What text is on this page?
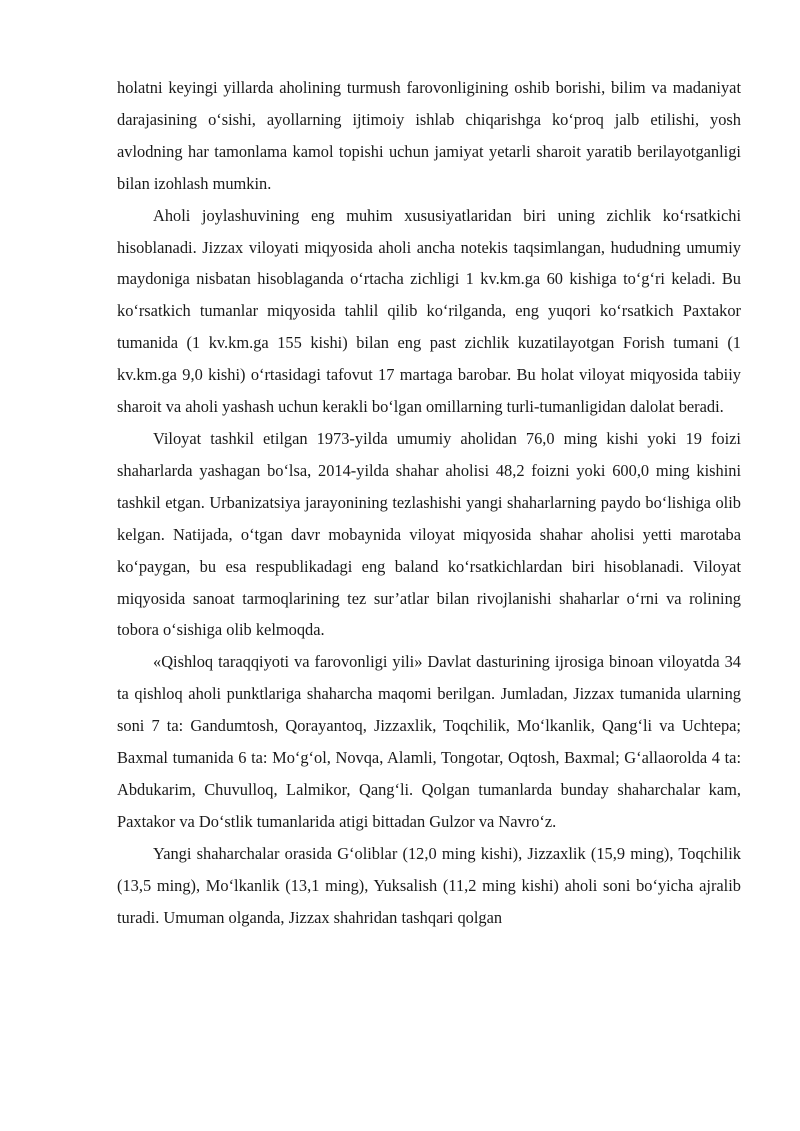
holatni keyingi yillarda aholining turmush farovonligining oshib borishi, bilim va madaniyat darajasining o‘sishi, ayollarning ijtimoiy ishlab chiqarishga ko‘proq jalb etilishi, yosh avlodning har tamonlama kamol topishi uchun jamiyat yetarli sharoit yaratib berilayotganligi bilan izohlash mumkin.

Aholi joylashuvining eng muhim xususiyatlaridan biri uning zichlik ko‘rsatkichi hisoblanadi. Jizzax viloyati miqyosida aholi ancha notekis taqsimlangan, hududning umumiy maydoniga nisbatan hisoblaganda o‘rtacha zichligi 1 kv.km.ga 60 kishiga to‘g‘ri keladi. Bu ko‘rsatkich tumanlar miqyosida tahlil qilib ko‘rilganda, eng yuqori ko‘rsatkich Paxtakor tumanida (1 kv.km.ga 155 kishi) bilan eng past zichlik kuzatilayotgan Forish tumani (1 kv.km.ga 9,0 kishi) o‘rtasidagi tafovut 17 martaga barobar. Bu holat viloyat miqyosida tabiiy sharoit va aholi yashash uchun kerakli bo‘lgan omillarning turli-tumanligidan dalolat beradi.

Viloyat tashkil etilgan 1973-yilda umumiy aholidan 76,0 ming kishi yoki 19 foizi shaharlarda yashagan bo‘lsa, 2014-yilda shahar aholisi 48,2 foizni yoki 600,0 ming kishini tashkil etgan. Urbanizatsiya jarayonining tezlashishi yangi shaharlarning paydo bo‘lishiga olib kelgan. Natijada, o‘tgan davr mobaynida viloyat miqyosida shahar aholisi yetti marotaba ko‘paygan, bu esa respublikadagi eng baland ko‘rsatkichlardan biri hisoblanadi. Viloyat miqyosida sanoat tarmoqlarining tez sur’atlar bilan rivojlanishi shaharlar o‘rni va rolining tobora o‘sishiga olib kelmoqda.

«Qishloq taraqqiyoti va farovonligi yili» Davlat dasturining ijrosiga binoan viloyatda 34 ta qishloq aholi punktlariga shaharcha maqomi berilgan. Jumladan, Jizzax tumanida ularning soni 7 ta: Gandumtosh, Qorayantoq, Jizzaxlik, Toqchilik, Mo‘lkanlik, Qang‘li va Uchtepa; Baxmal tumanida 6 ta: Mo‘g‘ol, Novqa, Alamli, Tongotar, Oqtosh, Baxmal; G‘allaorolda 4 ta: Abdukarim, Chuvulloq, Lalmikor, Qang‘li. Qolgan tumanlarda bunday shaharchalar kam, Paxtakor va Do‘stlik tumanlarida atigi bittadan Gulzor va Navro‘z.

Yangi shaharchalar orasida G‘oliblar (12,0 ming kishi), Jizzaxlik (15,9 ming), Toqchilik (13,5 ming), Mo‘lkanlik (13,1 ming), Yuksalish (11,2 ming kishi) aholi soni bo‘yicha ajralib turadi. Umuman olganda, Jizzax shahridan tashqari qolgan
